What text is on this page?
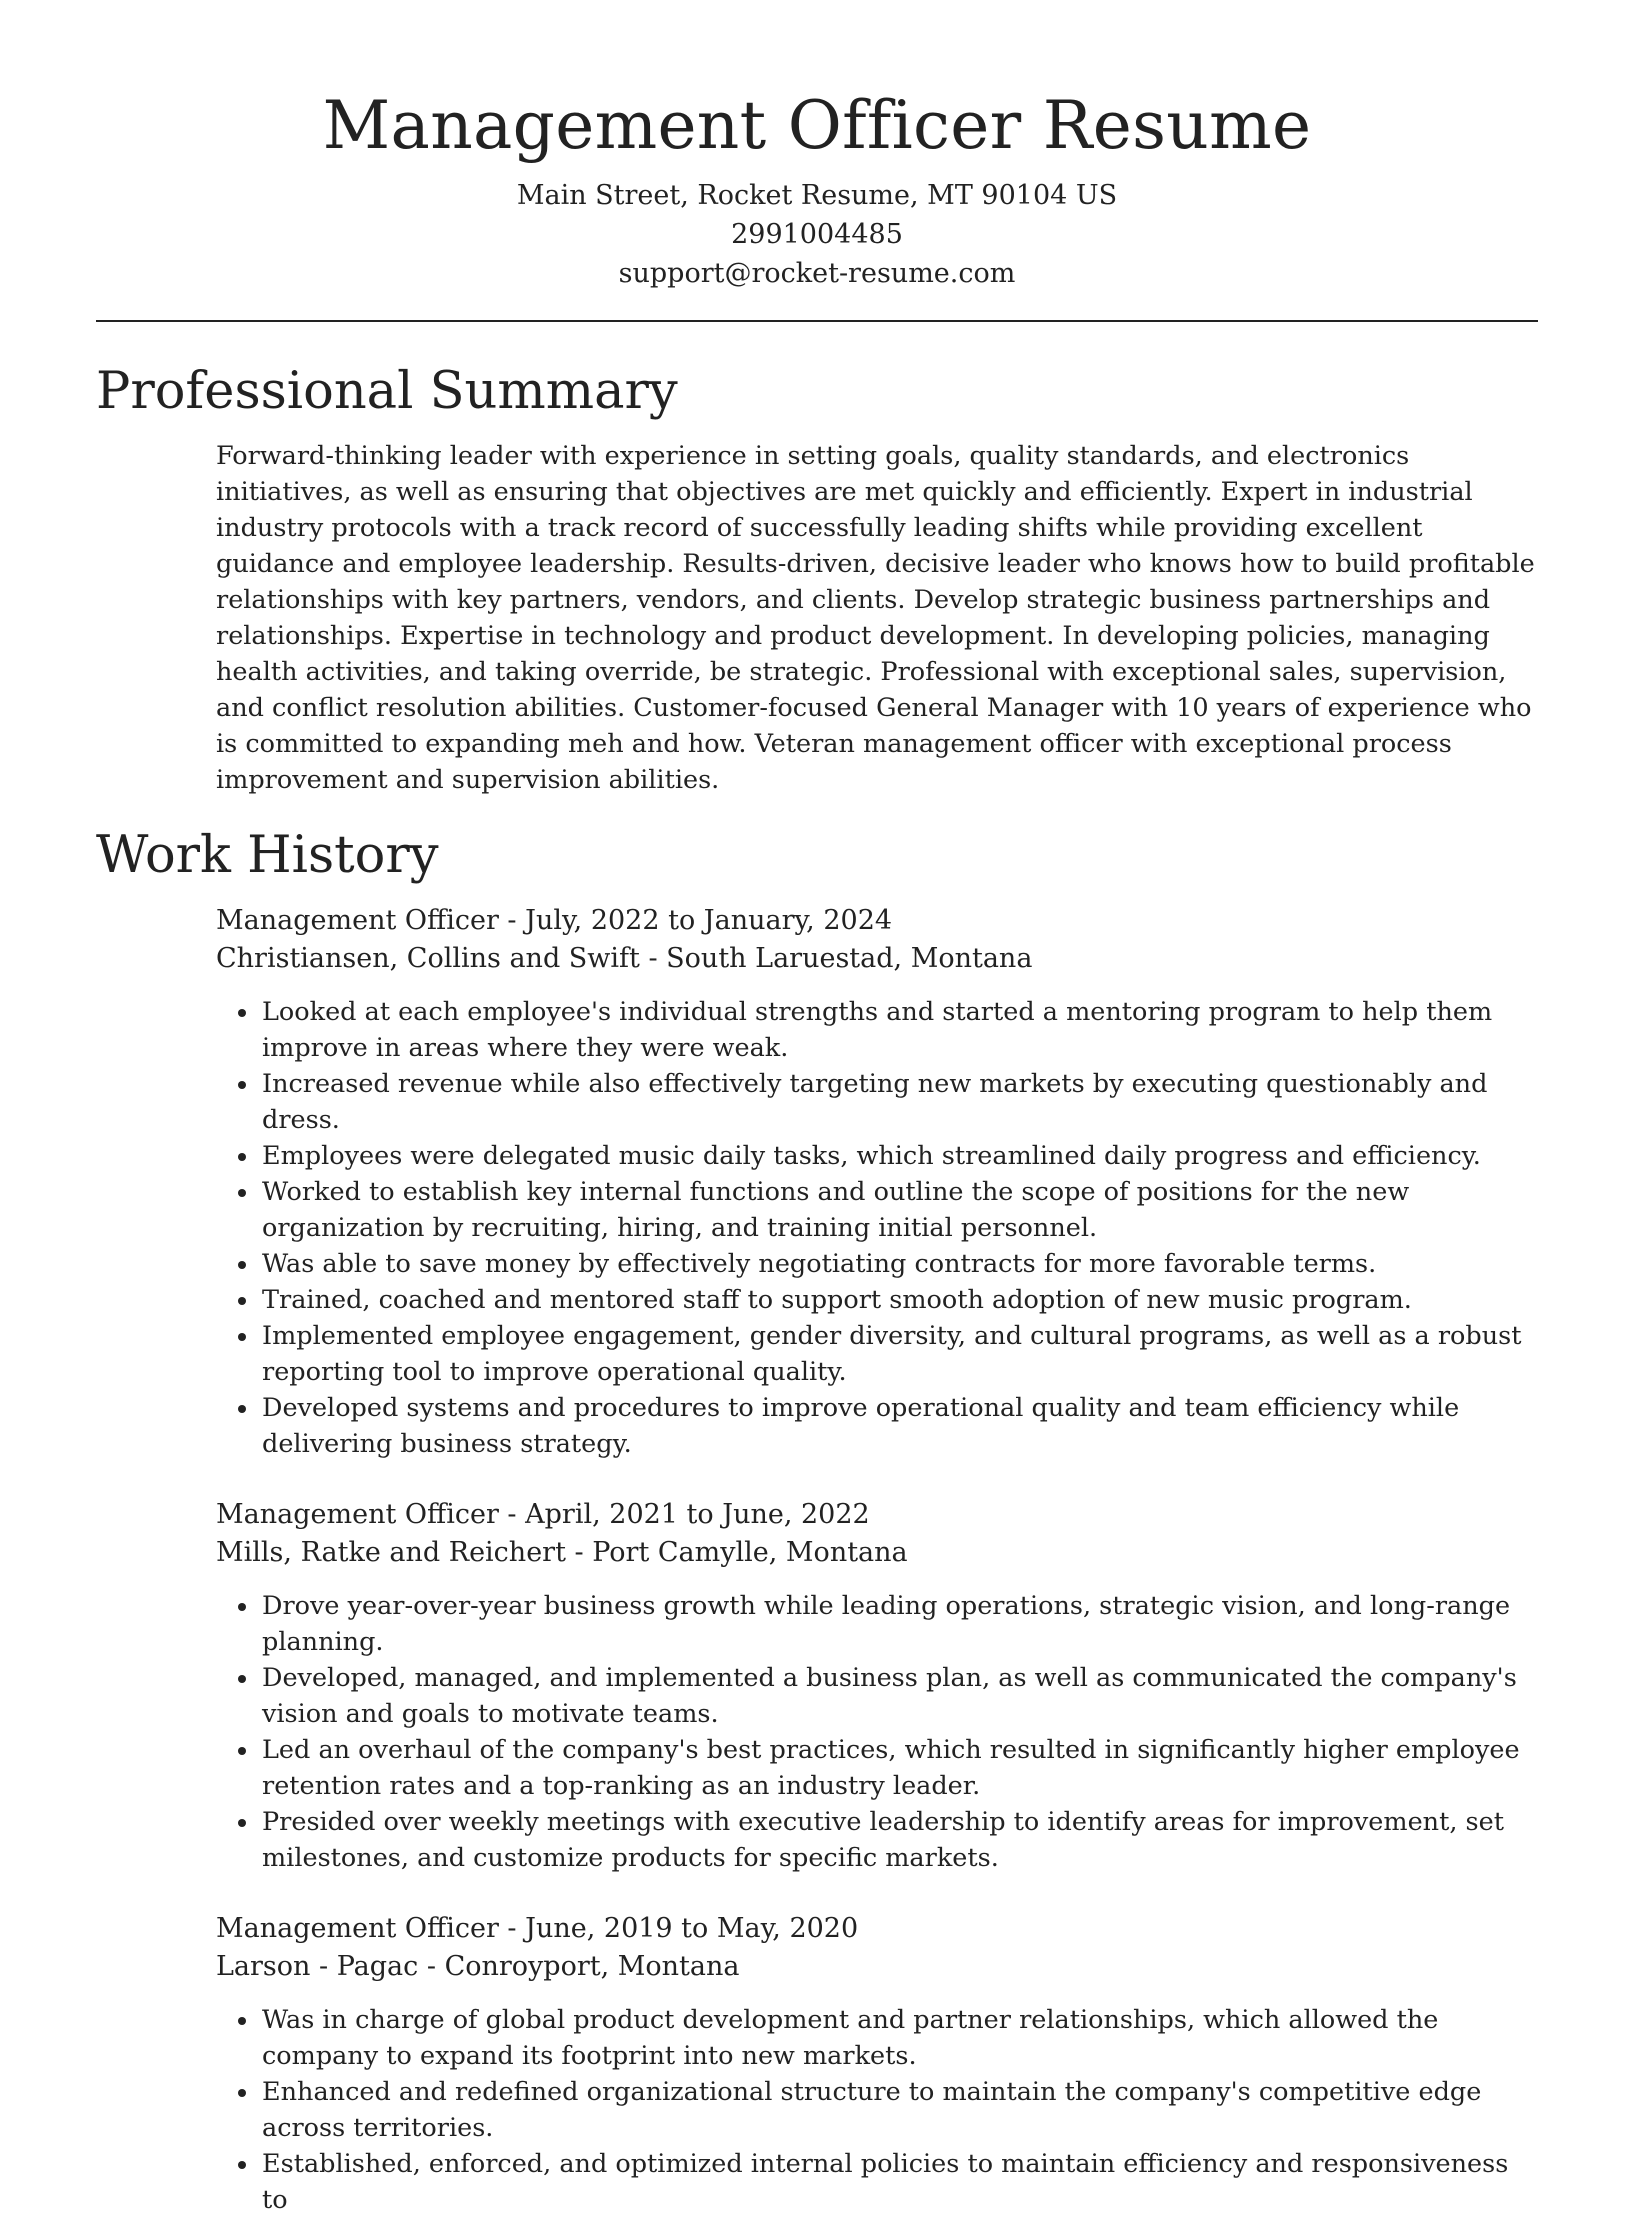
Management Officer Resume

Main Street, Rocket Resume, MT 90104 US

2991004485

support@rocket-resume.com

Professional Summary

Forward-thinking leader with experience in setting goals, quality standards, and electronics initiatives, as well as ensuring that objectives are met quickly and efficiently. Expert in industrial industry protocols with a track record of successfully leading shifts while providing excellent guidance and employee leadership. Results-driven, decisive leader who knows how to build profitable relationships with key partners, vendors, and clients. Develop strategic business partnerships and relationships. Expertise in technology and product development. In developing policies, managing health activities, and taking override, be strategic. Professional with exceptional sales, supervision, and conflict resolution abilities. Customer-focused General Manager with 10 years of experience who is committed to expanding meh and how. Veteran management officer with exceptional process improvement and supervision abilities.

Work History

Management Officer - July, 2022 to January, 2024

Christiansen, Collins and Swift - South Laruestad, Montana

• Looked at each employee's individual strengths and started a mentoring program to help them improve in areas where they were weak.
• Increased revenue while also effectively targeting new markets by executing questionably and dress.
• Employees were delegated music daily tasks, which streamlined daily progress and efficiency.
• Worked to establish key internal functions and outline the scope of positions for the new organization by recruiting, hiring, and training initial personnel.
• Was able to save money by effectively negotiating contracts for more favorable terms.
• Trained, coached and mentored staff to support smooth adoption of new music program.
• Implemented employee engagement, gender diversity, and cultural programs, as well as a robust reporting tool to improve operational quality.
• Developed systems and procedures to improve operational quality and team efficiency while delivering business strategy.

Management Officer - April, 2021 to June, 2022

Mills, Ratke and Reichert - Port Camylle, Montana

• Drove year-over-year business growth while leading operations, strategic vision, and long-range planning.
• Developed, managed, and implemented a business plan, as well as communicated the company's vision and goals to motivate teams.
• Led an overhaul of the company's best practices, which resulted in significantly higher employee retention rates and a top-ranking as an industry leader.
• Presided over weekly meetings with executive leadership to identify areas for improvement, set milestones, and customize products for specific markets.

Management Officer - June, 2019 to May, 2020

Larson - Pagac - Conroyport, Montana

• Was in charge of global product development and partner relationships, which allowed the company to expand its footprint into new markets.
• Enhanced and redefined organizational structure to maintain the company's competitive edge across territories.
• Established, enforced, and optimized internal policies to maintain efficiency and responsiveness to
